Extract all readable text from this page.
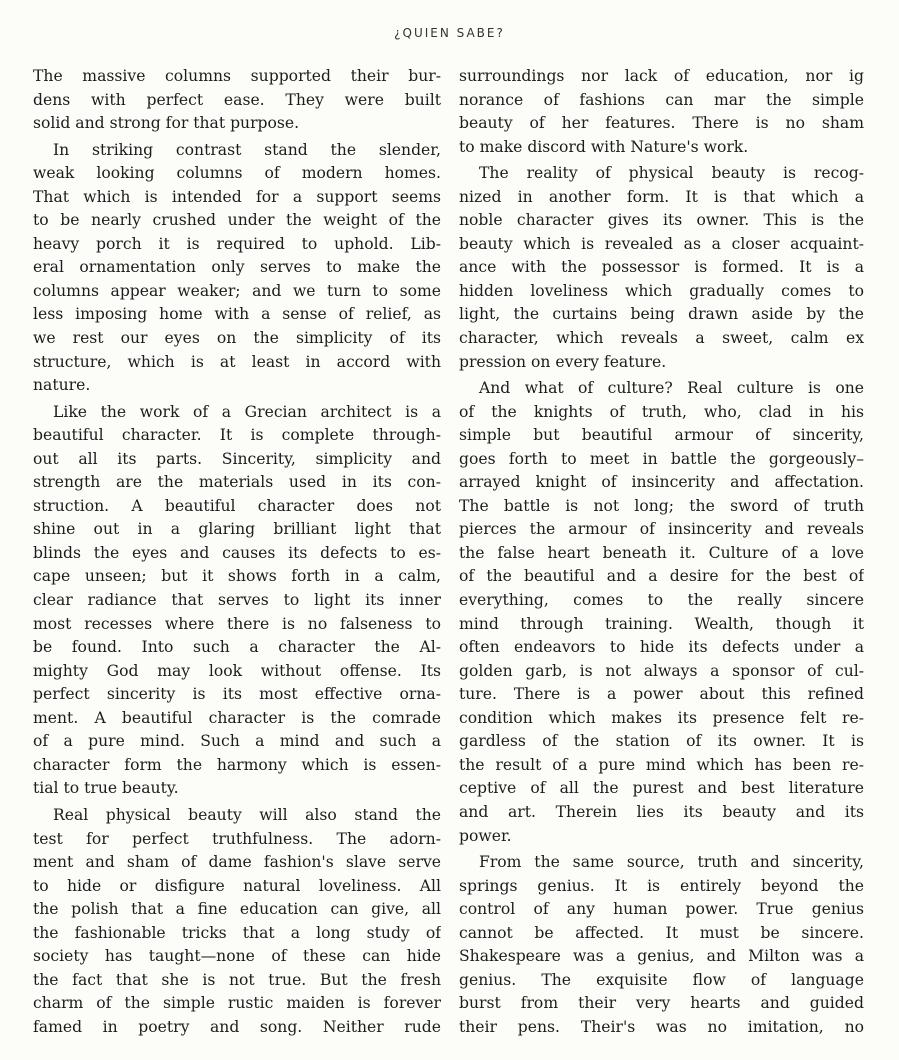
¿QUIEN SABE?
The massive columns supported their bur-
dens with perfect ease. They were built
solid and strong for that purpose.
In striking contrast stand the slender,
weak looking columns of modern homes.
That which is intended for a support seems
to be nearly crushed under the weight of the
heavy porch it is required to uphold. Lib-
eral ornamentation only serves to make the
columns appear weaker; and we turn to some
less imposing home with a sense of relief, as
we rest our eyes on the simplicity of its
structure, which is at least in accord with
nature.
Like the work of a Grecian architect is a
beautiful character. It is complete through-
out all its parts. Sincerity, simplicity and
strength are the materials used in its con-
struction. A beautiful character does not
shine out in a glaring brilliant light that
blinds the eyes and causes its defects to es-
cape unseen; but it shows forth in a calm,
clear radiance that serves to light its inner
most recesses where there is no falseness to
be found. Into such a character the Al-
mighty God may look without offense. Its
perfect sincerity is its most effective orna-
ment. A beautiful character is the comrade
of a pure mind. Such a mind and such a
character form the harmony which is essen-
tial to true beauty.
Real physical beauty will also stand the
test for perfect truthfulness. The adorn-
ment and sham of dame fashion's slave serve
to hide or disfigure natural loveliness. All
the polish that a fine education can give, all
the fashionable tricks that a long study of
society has taught—none of these can hide
the fact that she is not true. But the fresh
charm of the simple rustic maiden is forever
famed in poetry and song. Neither rude
surroundings nor lack of education, nor ig
norance of fashions can mar the simple
beauty of her features. There is no sham
to make discord with Nature's work.
The reality of physical beauty is recog-
nized in another form. It is that which a
noble character gives its owner. This is the
beauty which is revealed as a closer acquaint-
ance with the possessor is formed. It is a
hidden loveliness which gradually comes to
light, the curtains being drawn aside by the
character, which reveals a sweet, calm ex
pression on every feature.
And what of culture? Real culture is one
of the knights of truth, who, clad in his
simple but beautiful armour of sincerity,
goes forth to meet in battle the gorgeously–
arrayed knight of insincerity and affectation.
The battle is not long; the sword of truth
pierces the armour of insincerity and reveals
the false heart beneath it. Culture of a love
of the beautiful and a desire for the best of
everything, comes to the really sincere
mind through training. Wealth, though it
often endeavors to hide its defects under a
golden garb, is not always a sponsor of cul-
ture. There is a power about this refined
condition which makes its presence felt re-
gardless of the station of its owner. It is
the result of a pure mind which has been re-
ceptive of all the purest and best literature
and art. Therein lies its beauty and its
power.
From the same source, truth and sincerity,
springs genius. It is entirely beyond the
control of any human power. True genius
cannot be affected. It must be sincere.
Shakespeare was a genius, and Milton was a
genius. The exquisite flow of language
burst from their very hearts and guided
their pens. Their's was no imitation, no
